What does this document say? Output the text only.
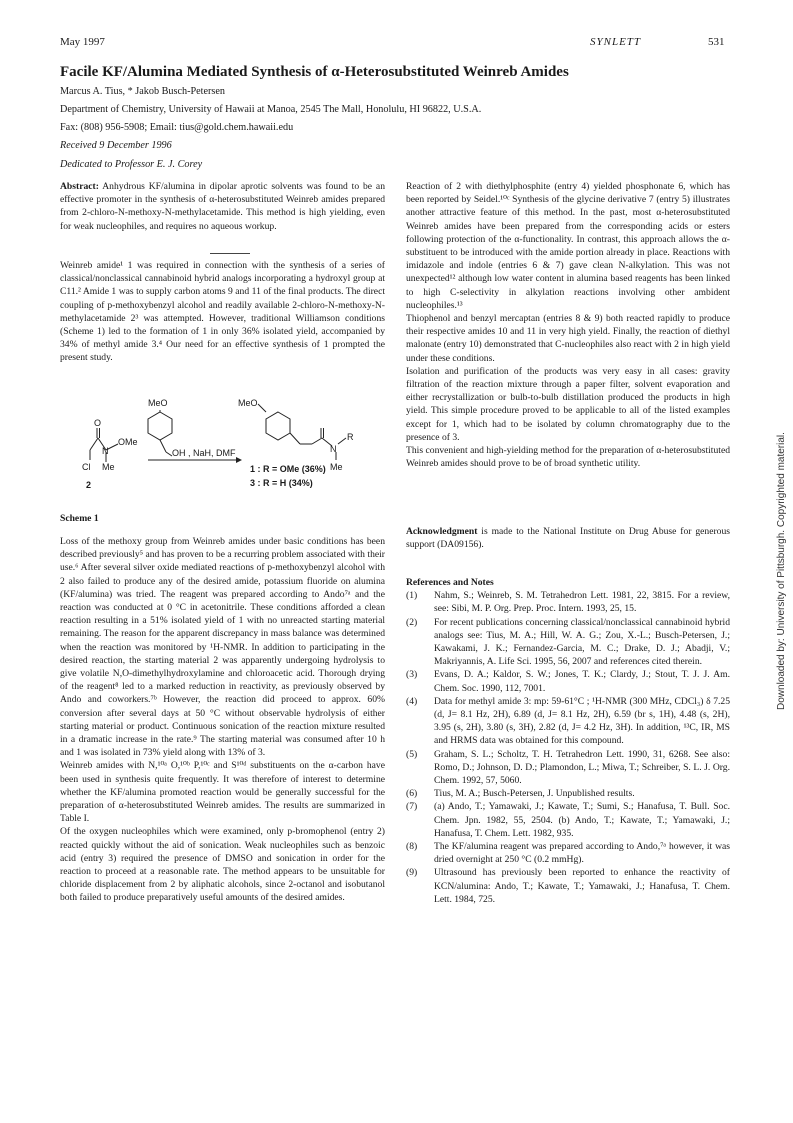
May 1997	SYNLETT	531
Facile KF/Alumina Mediated Synthesis of α-Heterosubstituted Weinreb Amides
Marcus A. Tius, * Jakob Busch-Petersen
Department of Chemistry, University of Hawaii at Manoa, 2545 The Mall, Honolulu, HI 96822, U.S.A.
Fax: (808) 956-5908; Email: tius@gold.chem.hawaii.edu
Received 9 December 1996
Dedicated to Professor E. J. Corey

Abstract: Anhydrous KF/alumina in dipolar aprotic solvents was found to be an effective promoter in the synthesis of α-heterosubstituted Weinreb amides prepared from 2-chloro-N-methoxy-N-methylacetamide. This method is high yielding, even for weak nucleophiles, and requires no aqueous workup.

Weinreb amide¹ 1 was required in connection with the synthesis of a series of classical/nonclassical cannabinoid hybrid analogs incorporating a hydroxyl group at C11.² Amide 1 was to supply carbon atoms 9 and 11 of the final products. The direct coupling of p-methoxybenzyl alcohol and readily available 2-chloro-N-methoxy-N-methylacetamide 2³ was attempted. However, traditional Williamson conditions (Scheme 1) led to the formation of 1 in only 36% isolated yield, accompanied by 34% of methyl amide 3.⁴ Our need for an effective synthesis of 1 prompted the present study.

O
N
OMe
Cl Me
2
MeO
OH , NaH, DMF
MeO
N
R
Me
1 : R = OMe (36%)
3 : R = H (34%)
Scheme 1

Loss of the methoxy group from Weinreb amides under basic conditions has been described previously⁵ and has proven to be a recurring problem associated with their use.⁶ After several silver oxide mediated reactions of p-methoxybenzyl alcohol with 2 also failed to produce any of the desired amide, potassium fluoride on alumina (KF/alumina) was tried. The reagent was prepared according to Ando⁷ᵃ and the reaction was conducted at 0 °C in acetonitrile. These conditions afforded a clean reaction resulting in a 51% isolated yield of 1 with no unreacted starting material remaining. The reason for the apparent discrepancy in mass balance was determined when the reaction was monitored by ¹H-NMR. In addition to participating in the desired reaction, the starting material 2 was apparently undergoing hydrolysis to give volatile N,O-dimethylhydroxylamine and chloroacetic acid. Thorough drying of the reagent⁸ led to a marked reduction in reactivity, as previously observed by Ando and coworkers.⁷ᵇ However, the reaction did proceed to approx. 60% conversion after several days at 50 °C without observable hydrolysis of either starting material or product. Continuous sonication of the reaction mixture resulted in a dramatic increase in the rate.⁹ The starting material was consumed after 10 h and 1 was isolated in 73% yield along with 13% of 3.

Weinreb amides with N,¹⁰ᵃ O,¹⁰ᵇ P,¹⁰ᶜ and S¹⁰ᵈ substituents on the α-carbon have been used in synthesis quite frequently. It was therefore of interest to determine whether the KF/alumina promoted reaction would be generally successful for the preparation of α-heterosubstituted Weinreb amides. The results are summarized in Table I.

Of the oxygen nucleophiles which were examined, only p-bromophenol (entry 2) reacted quickly without the aid of sonication. Weak nucleophiles such as benzoic acid (entry 3) required the presence of DMSO and sonication in order for the reaction to proceed at a reasonable rate. The method appears to be unsuitable for chloride displacement from 2 by aliphatic alcohols, since 2-octanol and isobutanol both failed to produce preparatively useful amounts of the desired amides.

Reaction of 2 with diethylphosphite (entry 4) yielded phosphonate 6, which has been reported by Seidel.¹⁰ᶜ Synthesis of the glycine derivative 7 (entry 5) illustrates another attractive feature of this method. In the past, most α-heterosubstituted Weinreb amides have been prepared from the corresponding acids or esters following protection of the α-functionality. In contrast, this approach allows the α-substituent to be introduced with the amide portion already in place. Reactions with imidazole and indole (entries 6 & 7) gave clean N-alkylation. This was not unexpected¹² although low water content in alumina based reagents has been linked to high C-selectivity in alkylation reactions involving other ambident nucleophiles.¹³

Thiophenol and benzyl mercaptan (entries 8 & 9) both reacted rapidly to produce their respective amides 10 and 11 in very high yield. Finally, the reaction of diethyl malonate (entry 10) demonstrated that C-nucleophiles also react with 2 in high yield under these conditions.

Isolation and purification of the products was very easy in all cases: gravity filtration of the reaction mixture through a paper filter, solvent evaporation and either recrystallization or bulb-to-bulb distillation produced the products in high yield. This simple procedure proved to be applicable to all of the listed examples except for 1, which had to be isolated by column chromatography due to the presence of 3.

This convenient and high-yielding method for the preparation of α-heterosubstituted Weinreb amides should prove to be of broad synthetic utility.

Acknowledgment is made to the National Institute on Drug Abuse for generous support (DA09156).

References and Notes
(1)	Nahm, S.; Weinreb, S. M. Tetrahedron Lett. 1981, 22, 3815. For a review, see: Sibi, M. P. Org. Prep. Proc. Intern. 1993, 25, 15.
(2)	For recent publications concerning classical/nonclassical cannabinoid hybrid analogs see: Tius, M. A.; Hill, W. A. G.; Zou, X.-L.; Busch-Petersen, J.; Kawakami, J. K.; Fernandez-Garcia, M. C.; Drake, D. J.; Abadji, V.; Makriyannis, A. Life Sci. 1995, 56, 2007 and references cited therein.
(3)	Evans, D. A.; Kaldor, S. W.; Jones, T. K.; Clardy, J.; Stout, T. J. J. Am. Chem. Soc. 1990, 112, 7001.
(4)	Data for methyl amide 3: mp: 59-61°C ; ¹H-NMR (300 MHz, CDCl₃) δ 7.25 (d, J= 8.1 Hz, 2H), 6.89 (d, J= 8.1 Hz, 2H), 6.59 (br s, 1H), 4.48 (s, 2H), 3.95 (s, 2H), 3.80 (s, 3H), 2.82 (d, J= 4.2 Hz, 3H). In addition, ¹³C, IR, MS and HRMS data was obtained for this compound.
(5)	Graham, S. L.; Scholtz, T. H. Tetrahedron Lett. 1990, 31, 6268. See also: Romo, D.; Johnson, D. D.; Plamondon, L.; Miwa, T.; Schreiber, S. L. J. Org. Chem. 1992, 57, 5060.
(6)	Tius, M. A.; Busch-Petersen, J. Unpublished results.
(7)	(a) Ando, T.; Yamawaki, J.; Kawate, T.; Sumi, S.; Hanafusa, T. Bull. Soc. Chem. Jpn. 1982, 55, 2504. (b) Ando, T.; Kawate, T.; Yamawaki, J.; Hanafusa, T. Chem. Lett. 1982, 935.
(8)	The KF/alumina reagent was prepared according to Ando,⁷ᵃ however, it was dried overnight at 250 °C (0.2 mmHg).
(9)	Ultrasound has previously been reported to enhance the reactivity of KCN/alumina: Ando, T.; Kawate, T.; Yamawaki, J.; Hanafusa, T. Chem. Lett. 1984, 725.
Downloaded by: University of Pittsburgh. Copyrighted material.
